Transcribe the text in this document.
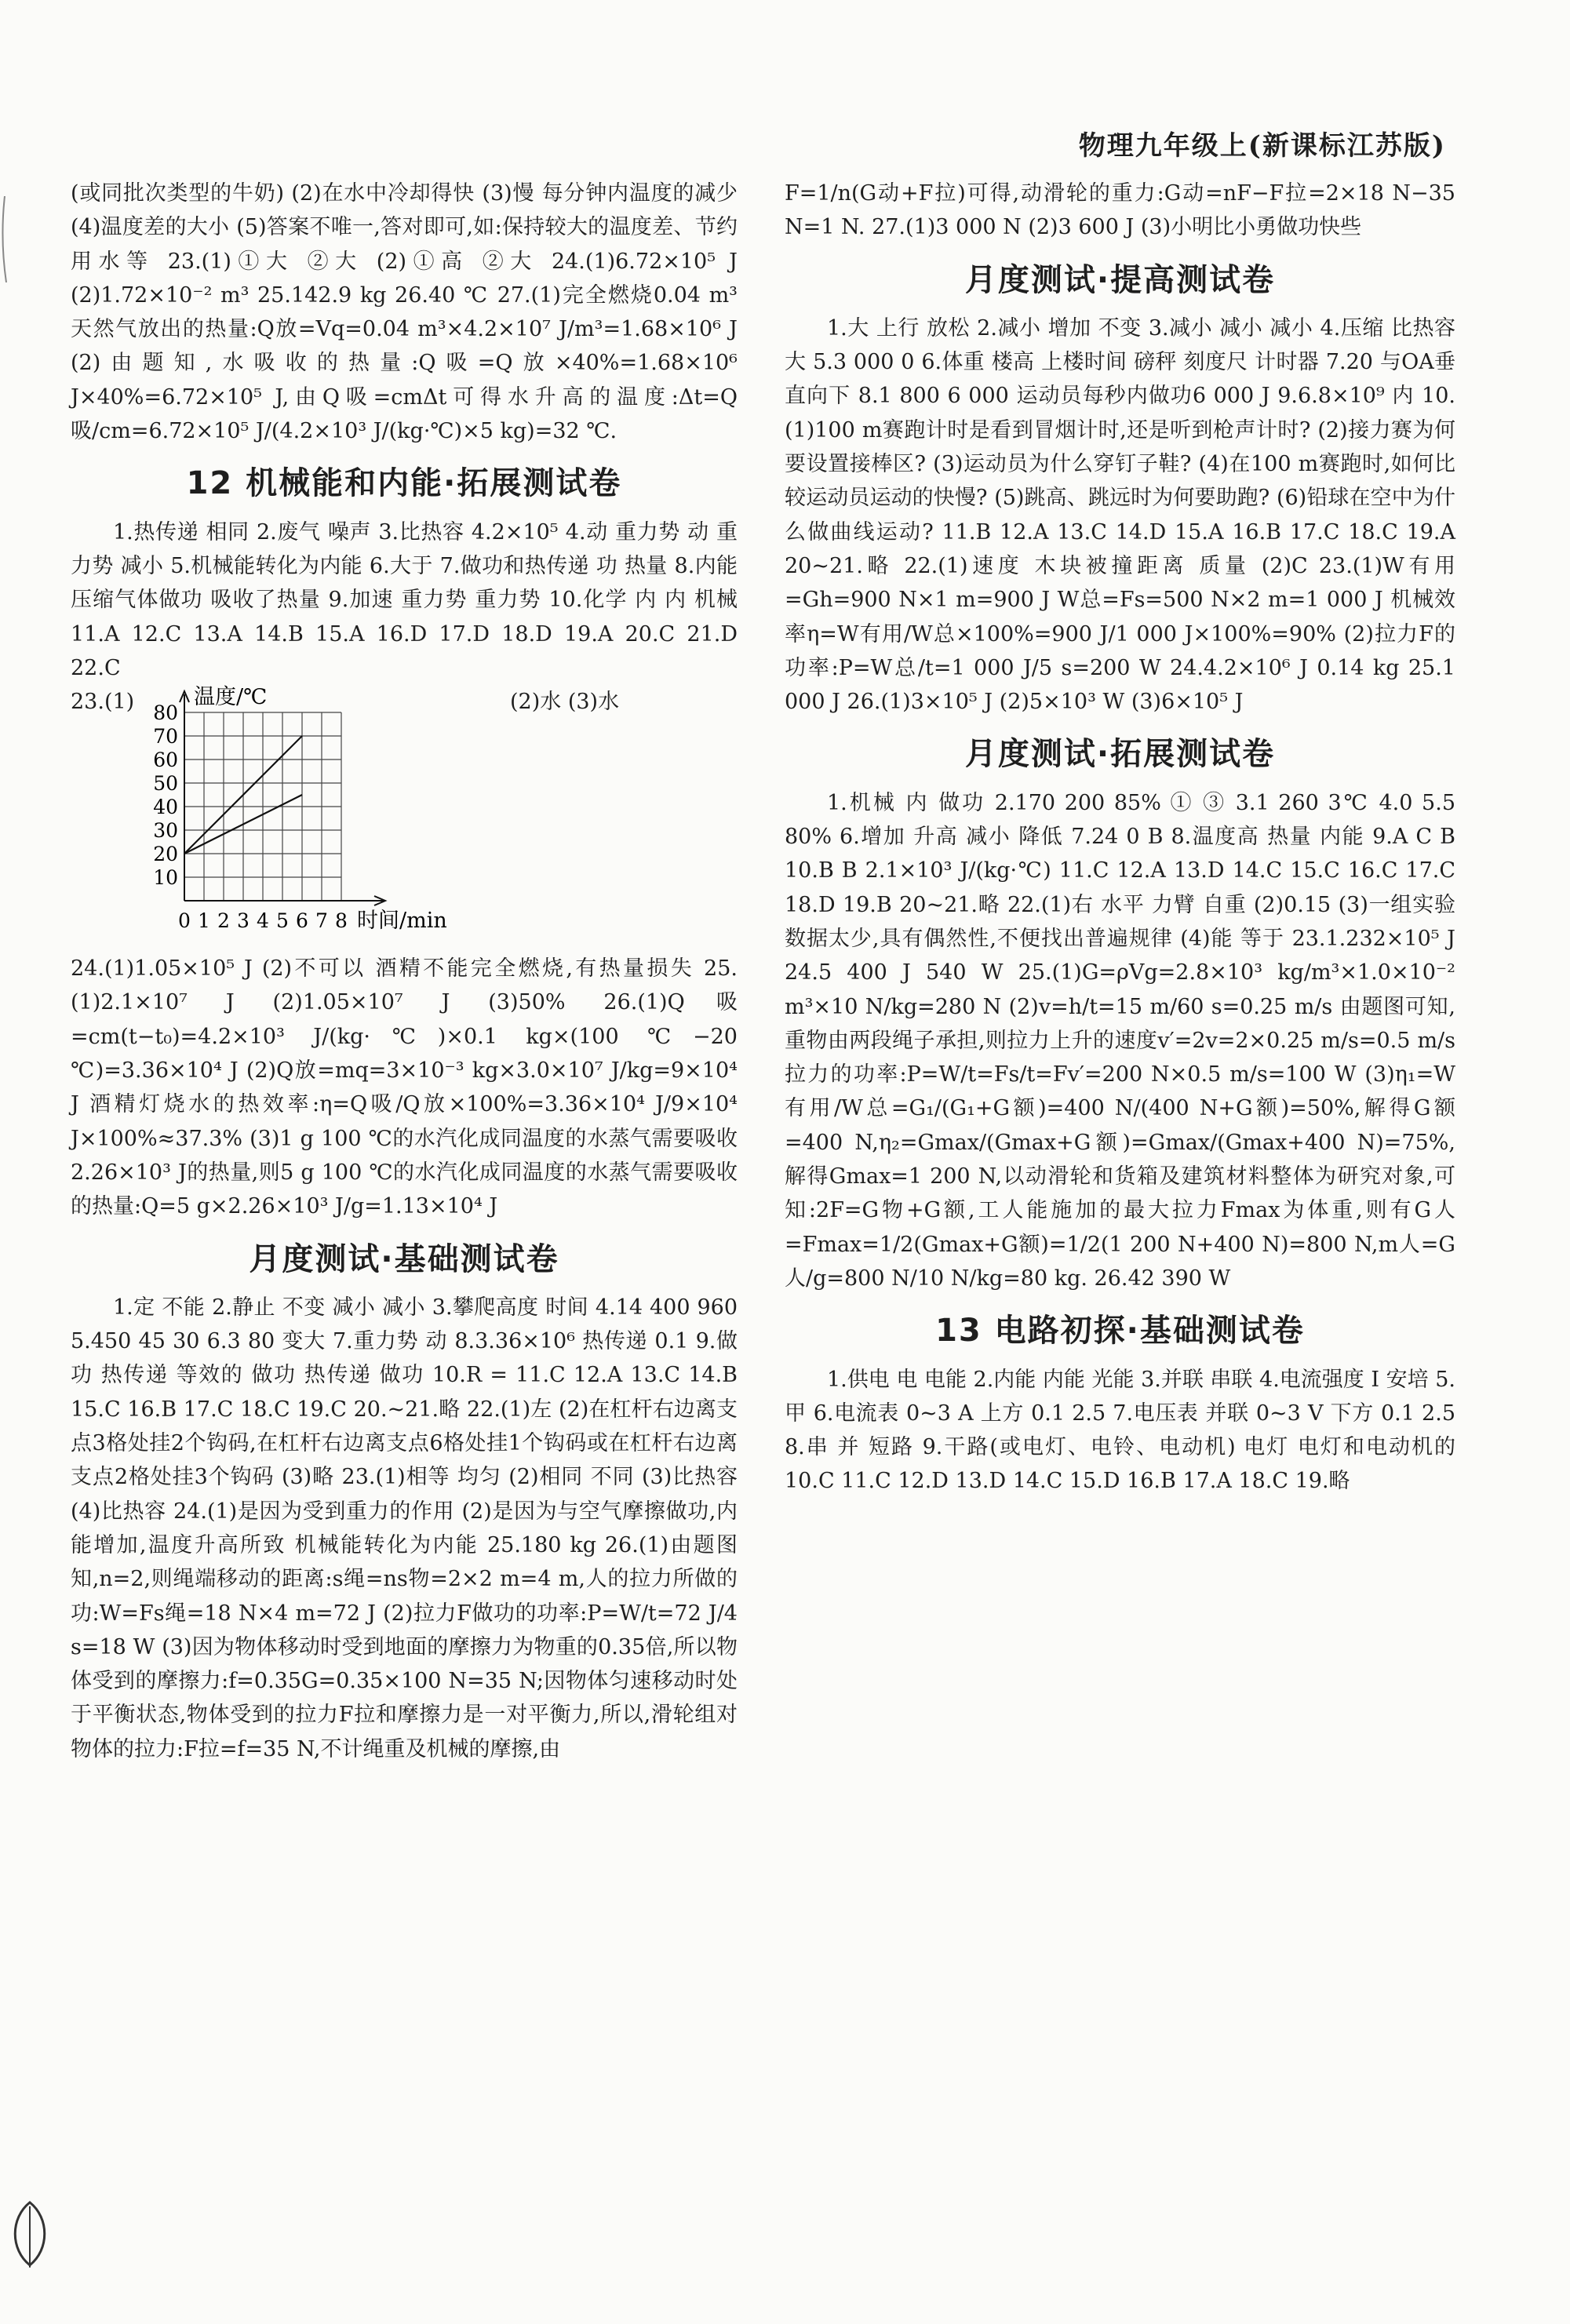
物理九年级上(新课标江苏版)

(或同批次类型的牛奶) (2)在水中冷却得快 (3)慢 每分钟内温度的减少 (4)温度差的大小 (5)答案不唯一,答对即可,如:保持较大的温度差、节约用水等 23.(1)①大 ②大 (2)①高 ②大 24.(1)6.72×10⁵ J (2)1.72×10⁻² m³ 25.142.9 kg 26.40 ℃ 27.(1)完全燃烧0.04 m³天然气放出的热量:Q放=Vq=0.04 m³×4.2×10⁷ J/m³=1.68×10⁶ J (2)由题知,水吸收的热量:Q吸=Q放×40%=1.68×10⁶ J×40%=6.72×10⁵ J,由Q吸=cmΔt可得水升高的温度:Δt=Q吸/cm=6.72×10⁵ J/(4.2×10³ J/(kg·℃)×5 kg)=32 ℃.

12 机械能和内能·拓展测试卷

1.热传递 相同 2.废气 噪声 3.比热容 4.2×10⁵ 4.动 重力势 动 重力势 减小 5.机械能转化为内能 6.大于 7.做功和热传递 功 热量 8.内能 压缩气体做功 吸收了热量 9.加速 重力势 重力势 10.化学 内 内 机械 11.A 12.C 13.A 14.B 15.A 16.D 17.D 18.D 19.A 20.C 21.D 22.C

23.(1)
10
20
30
40
50
60
70
80
0 1 2 3 4 5 6 7 8
温度/℃
时间/min
(2)水 (3)水

24.(1)1.05×10⁵ J (2)不可以 酒精不能完全燃烧,有热量损失 25.(1)2.1×10⁷ J (2)1.05×10⁷ J (3)50% 26.(1)Q吸=cm(t−t₀)=4.2×10³ J/(kg·℃)×0.1 kg×(100 ℃−20 ℃)=3.36×10⁴ J (2)Q放=mq=3×10⁻³ kg×3.0×10⁷ J/kg=9×10⁴ J 酒精灯烧水的热效率:η=Q吸/Q放×100%=3.36×10⁴ J/9×10⁴ J×100%≈37.3% (3)1 g 100 ℃的水汽化成同温度的水蒸气需要吸收2.26×10³ J的热量,则5 g 100 ℃的水汽化成同温度的水蒸气需要吸收的热量:Q=5 g×2.26×10³ J/g=1.13×10⁴ J

月度测试·基础测试卷

1.定 不能 2.静止 不变 减小 减小 3.攀爬高度 时间 4.14 400 960 5.450 45 30 6.3 80 变大 7.重力势 动 8.3.36×10⁶ 热传递 0.1 9.做功 热传递 等效的 做功 热传递 做功 10.R = 11.C 12.A 13.C 14.B 15.C 16.B 17.C 18.C 19.C 20.~21.略 22.(1)左 (2)在杠杆右边离支点3格处挂2个钩码,在杠杆右边离支点6格处挂1个钩码或在杠杆右边离支点2格处挂3个钩码 (3)略 23.(1)相等 均匀 (2)相同 不同 (3)比热容 (4)比热容 24.(1)是因为受到重力的作用 (2)是因为与空气摩擦做功,内能增加,温度升高所致 机械能转化为内能 25.180 kg 26.(1)由题图知,n=2,则绳端移动的距离:s绳=ns物=2×2 m=4 m,人的拉力所做的功:W=Fs绳=18 N×4 m=72 J (2)拉力F做功的功率:P=W/t=72 J/4 s=18 W (3)因为物体移动时受到地面的摩擦力为物重的0.35倍,所以物体受到的摩擦力:f=0.35G=0.35×100 N=35 N;因物体匀速移动时处于平衡状态,物体受到的拉力F拉和摩擦力是一对平衡力,所以,滑轮组对物体的拉力:F拉=f=35 N,不计绳重及机械的摩擦,由

F=1/n(G动+F拉)可得,动滑轮的重力:G动=nF−F拉=2×18 N−35 N=1 N. 27.(1)3 000 N (2)3 600 J (3)小明比小勇做功快些

月度测试·提高测试卷

1.大 上行 放松 2.减小 增加 不变 3.减小 减小 减小 4.压缩 比热容大 5.3 000 0 6.体重 楼高 上楼时间 磅秤 刻度尺 计时器 7.20 与OA垂直向下 8.1 800 6 000 运动员每秒内做功6 000 J 9.6.8×10⁹ 内 10.(1)100 m赛跑计时是看到冒烟计时,还是听到枪声计时? (2)接力赛为何要设置接棒区? (3)运动员为什么穿钉子鞋? (4)在100 m赛跑时,如何比较运动员运动的快慢? (5)跳高、跳远时为何要助跑? (6)铅球在空中为什么做曲线运动? 11.B 12.A 13.C 14.D 15.A 16.B 17.C 18.C 19.A 20~21.略 22.(1)速度 木块被撞距离 质量 (2)C 23.(1)W有用=Gh=900 N×1 m=900 J W总=Fs=500 N×2 m=1 000 J 机械效率η=W有用/W总×100%=900 J/1 000 J×100%=90% (2)拉力F的功率:P=W总/t=1 000 J/5 s=200 W 24.4.2×10⁶ J 0.14 kg 25.1 000 J 26.(1)3×10⁵ J (2)5×10³ W (3)6×10⁵ J

月度测试·拓展测试卷

1.机械 内 做功 2.170 200 85% ① ③ 3.1 260 3℃ 4.0 5.5 80% 6.增加 升高 减小 降低 7.24 0 B 8.温度高 热量 内能 9.A C B 10.B B 2.1×10³ J/(kg·℃) 11.C 12.A 13.D 14.C 15.C 16.C 17.C 18.D 19.B 20~21.略 22.(1)右 水平 力臂 自重 (2)0.15 (3)一组实验数据太少,具有偶然性,不便找出普遍规律 (4)能 等于 23.1.232×10⁵ J 24.5 400 J 540 W 25.(1)G=ρVg=2.8×10³ kg/m³×1.0×10⁻² m³×10 N/kg=280 N (2)v=h/t=15 m/60 s=0.25 m/s 由题图可知,重物由两段绳子承担,则拉力上升的速度v′=2v=2×0.25 m/s=0.5 m/s 拉力的功率:P=W/t=Fs/t=Fv′=200 N×0.5 m/s=100 W (3)η₁=W有用/W总=G₁/(G₁+G额)=400 N/(400 N+G额)=50%,解得G额=400 N,η₂=Gmax/(Gmax+G额)=Gmax/(Gmax+400 N)=75%,解得Gmax=1 200 N,以动滑轮和货箱及建筑材料整体为研究对象,可知:2F=G物+G额,工人能施加的最大拉力Fmax为体重,则有G人=Fmax=1/2(Gmax+G额)=1/2(1 200 N+400 N)=800 N,m人=G人/g=800 N/10 N/kg=80 kg. 26.42 390 W

13 电路初探·基础测试卷

1.供电 电 电能 2.内能 内能 光能 3.并联 串联 4.电流强度 I 安培 5.甲 6.电流表 0~3 A 上方 0.1 2.5 7.电压表 并联 0~3 V 下方 0.1 2.5 8.串 并 短路 9.干路(或电灯、电铃、电动机) 电灯 电灯和电动机的 10.C 11.C 12.D 13.D 14.C 15.D 16.B 17.A 18.C 19.略
